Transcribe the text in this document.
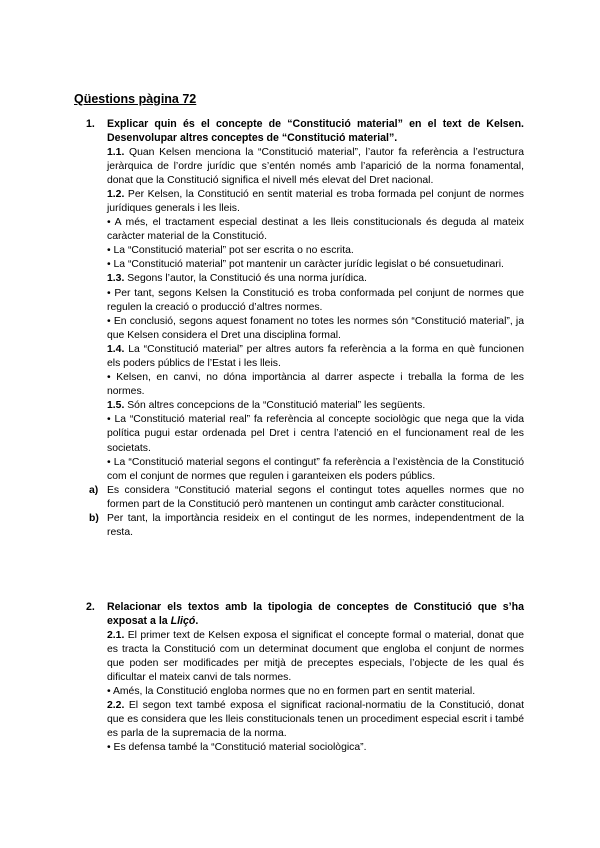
Qüestions pàgina 72
1. Explicar quin és el concepte de “Constitució material” en el text de Kelsen. Desenvolupar altres conceptes de “Constitució material”.

1.1. Quan Kelsen menciona la “Constitució material”, l’autor fa referència a l’estructura jeràrquica de l’ordre jurídic que s’entén només amb l’aparició de la norma fonamental, donat que la Constitució significa el nivell més elevat del Dret nacional.

1.2. Per Kelsen, la Constitució en sentit material es troba formada pel conjunt de normes jurídiques generals i les lleis.

• A més, el tractament especial destinat a les lleis constitucionals és deguda al mateix caràcter material de la Constitució.

• La “Constitució material” pot ser escrita o no escrita.

• La “Constitució material” pot mantenir un caràcter jurídic legislat o bé consuetudinari.

1.3. Segons l’autor, la Constitució és una norma jurídica.

• Per tant, segons Kelsen la Constitució es troba conformada pel conjunt de normes que regulen la creació o producció d’altres normes.

• En conclusió, segons aquest fonament no totes les normes són “Constitució material”, ja que Kelsen considera el Dret una disciplina formal.

1.4. La “Constitució material” per altres autors fa referència a la forma en què funcionen els poders públics de l’Estat i les lleis.

• Kelsen, en canvi, no dóna importància al darrer aspecte i treballa la forma de les normes.

1.5. Són altres concepcions de la “Constitució material” les següents.

• La “Constitució material real” fa referència al concepte sociològic que nega que la vida política pugui estar ordenada pel Dret i centra l’atenció en el funcionament real de les societats.

• La “Constitució material segons el contingut” fa referència a l’existència de la Constitució com el conjunt de normes que regulen i garanteixen els poders públics.

a) Es considera “Constitució material segons el contingut totes aquelles normes que no formen part de la Constitució però mantenen un contingut amb caràcter constitucional.

b) Per tant, la importància resideix en el contingut de les normes, independentment de la resta.

2. Relacionar els textos amb la tipologia de conceptes de Constitució que s’ha exposat a la Lliçó.

2.1. El primer text de Kelsen exposa el significat el concepte formal o material, donat que es tracta la Constitució com un determinat document que engloba el conjunt de normes que poden ser modificades per mitjà de preceptes especials, l’objecte de les qual és dificultar el mateix canvi de tals normes.

• Amés, la Constitució engloba normes que no en formen part en sentit material.

2.2. El segon text també exposa el significat racional-normatiu de la Constitució, donat que es considera que les lleis constitucionals tenen un procediment especial escrit i també es parla de la supremacia de la norma.

• Es defensa també la “Constitució material sociològica”.
